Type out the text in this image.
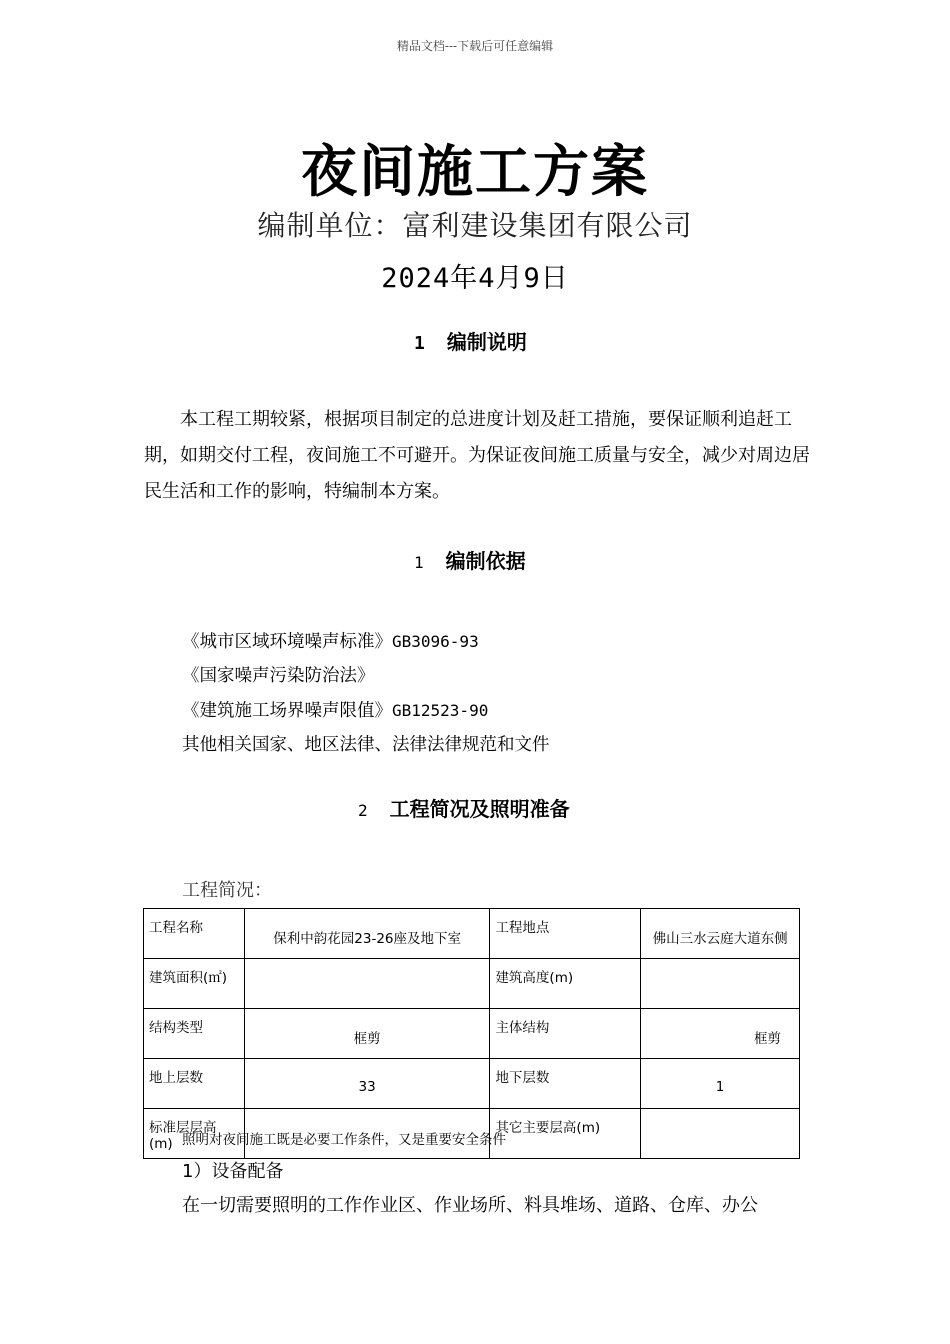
精品文档---下载后可任意编辑
夜间施工方案
编制单位：富利建设集团有限公司
2024年4月9日
1 编制说明
本工程工期较紧，根据项目制定的总进度计划及赶工措施，要保证顺利追赶工期，如期交付工程，夜间施工不可避开。为保证夜间施工质量与安全，减少对周边居民生活和工作的影响，特编制本方案。
1 编制依据
《城市区域环境噪声标准》GB3096-93
《国家噪声污染防治法》
《建筑施工场界噪声限值》GB12523-90
其他相关国家、地区法律、法律法律规范和文件
2 工程简况及照明准备
工程简况：
工程名称	保利中韵花园23-26座及地下室	工程地点	佛山三水云庭大道东侧
建筑面积(㎡)		建筑高度(m)	
结构类型	框剪	主体结构	框剪
地上层数	33	地下层数	1
标准层层高(m)		其它主要层高(m)	
照明对夜间施工既是必要工作条件，又是重要安全条件
1）设备配备
在一切需要照明的工作作业区、作业场所、料具堆场、道路、仓库、办公
